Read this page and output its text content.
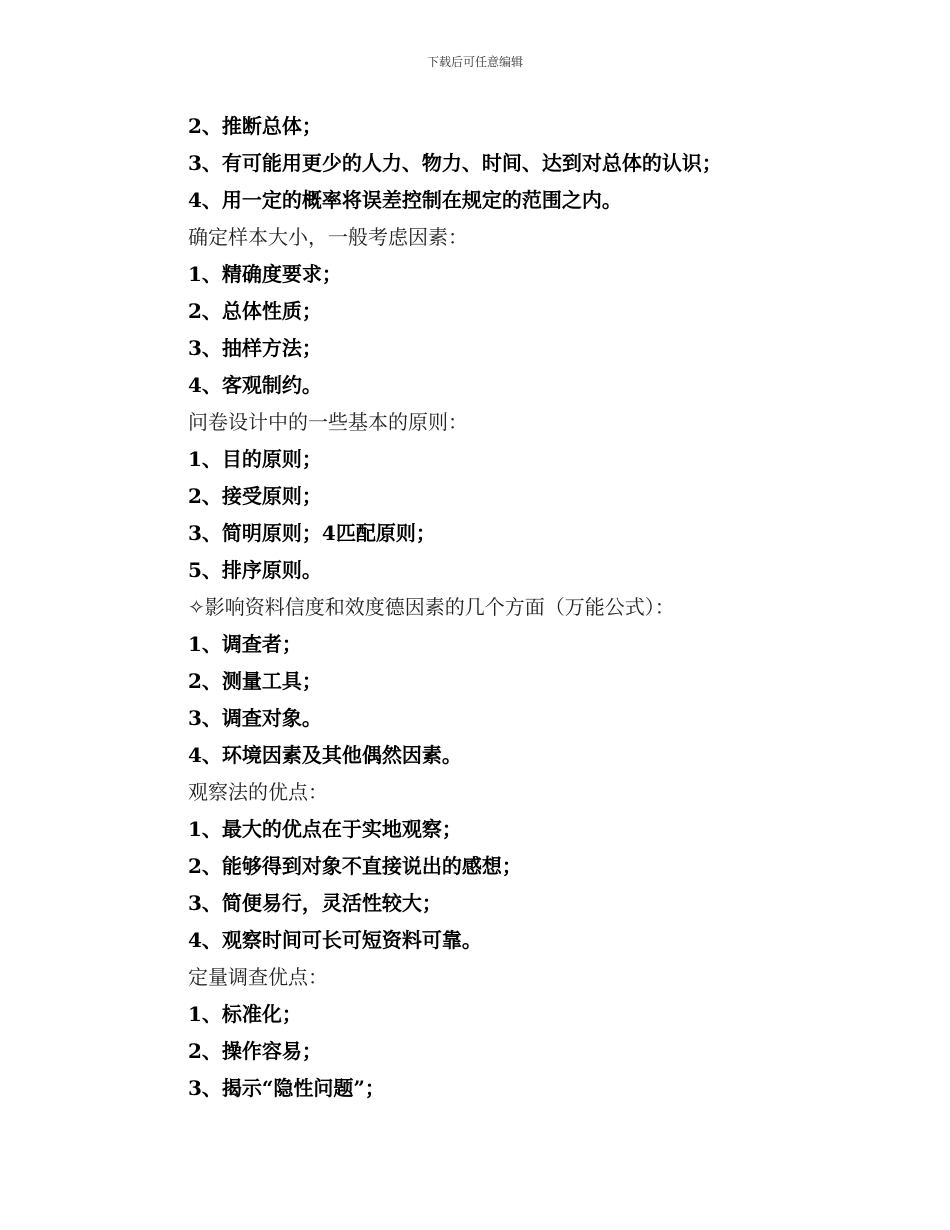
下载后可任意编辑
2、推断总体；
3、有可能用更少的人力、物力、时间、达到对总体的认识；
4、用一定的概率将误差控制在规定的范围之内。
确定样本大小，一般考虑因素：
1、精确度要求；
2、总体性质；
3、抽样方法；
4、客观制约。
问卷设计中的一些基本的原则：
1、目的原则；
2、接受原则；
3、简明原则；4匹配原则；
5、排序原则。
✧影响资料信度和效度德因素的几个方面（万能公式）：
1、调查者；
2、测量工具；
3、调查对象。
4、环境因素及其他偶然因素。
观察法的优点：
1、最大的优点在于实地观察；
2、能够得到对象不直接说出的感想；
3、简便易行，灵活性较大；
4、观察时间可长可短资料可靠。
定量调查优点：
1、标准化；
2、操作容易；
3、揭示“隐性问题”；
